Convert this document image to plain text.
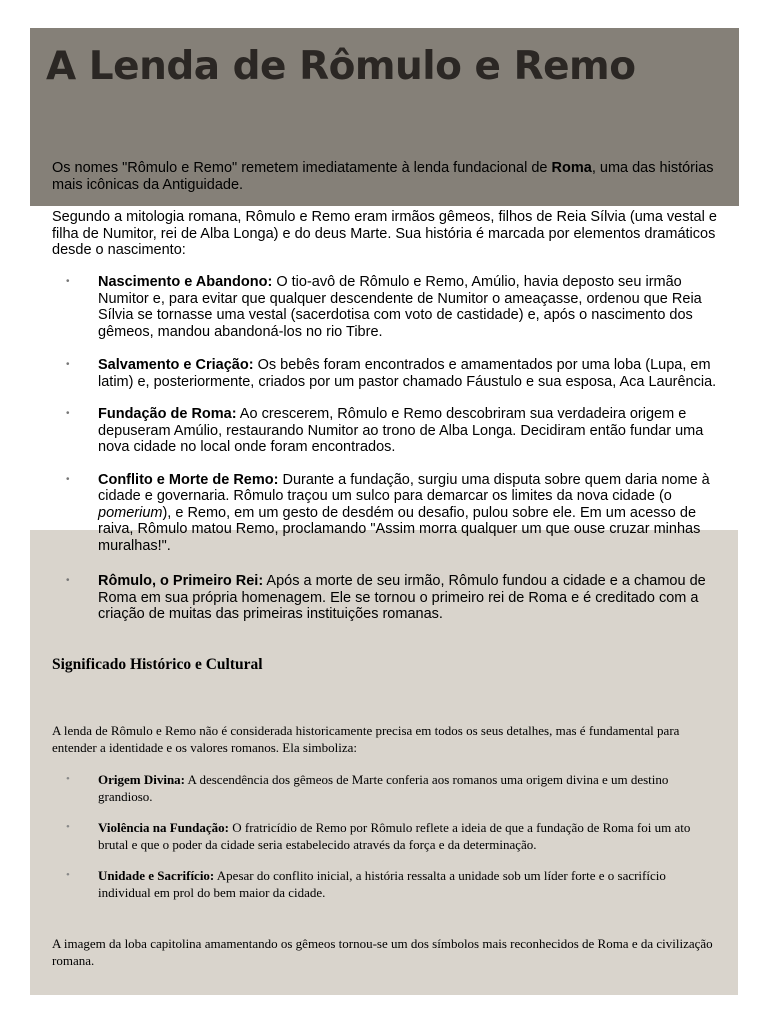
A Lenda de Rômulo e Remo

Os nomes "Rômulo e Remo" remetem imediatamente à lenda fundacional de Roma, uma das histórias mais icônicas da Antiguidade.

Segundo a mitologia romana, Rômulo e Remo eram irmãos gêmeos, filhos de Reia Sílvia (uma vestal e filha de Numitor, rei de Alba Longa) e do deus Marte. Sua história é marcada por elementos dramáticos desde o nascimento:

• Nascimento e Abandono: O tio-avô de Rômulo e Remo, Amúlio, havia deposto seu irmão Numitor e, para evitar que qualquer descendente de Numitor o ameaçasse, ordenou que Reia Sílvia se tornasse uma vestal (sacerdotisa com voto de castidade) e, após o nascimento dos gêmeos, mandou abandoná-los no rio Tibre.
• Salvamento e Criação: Os bebês foram encontrados e amamentados por uma loba (Lupa, em latim) e, posteriormente, criados por um pastor chamado Fáustulo e sua esposa, Aca Laurência.
• Fundação de Roma: Ao crescerem, Rômulo e Remo descobriram sua verdadeira origem e depuseram Amúlio, restaurando Numitor ao trono de Alba Longa. Decidiram então fundar uma nova cidade no local onde foram encontrados.
• Conflito e Morte de Remo: Durante a fundação, surgiu uma disputa sobre quem daria nome à cidade e governaria. Rômulo traçou um sulco para demarcar os limites da nova cidade (o pomerium), e Remo, em um gesto de desdém ou desafio, pulou sobre ele. Em um acesso de raiva, Rômulo matou Remo, proclamando "Assim morra qualquer um que ouse cruzar minhas muralhas!".
• Rômulo, o Primeiro Rei: Após a morte de seu irmão, Rômulo fundou a cidade e a chamou de Roma em sua própria homenagem. Ele se tornou o primeiro rei de Roma e é creditado com a criação de muitas das primeiras instituições romanas.
Significado Histórico e Cultural

A lenda de Rômulo e Remo não é considerada historicamente precisa em todos os seus detalhes, mas é fundamental para entender a identidade e os valores romanos. Ela simboliza:

• Origem Divina: A descendência dos gêmeos de Marte conferia aos romanos uma origem divina e um destino grandioso.
• Violência na Fundação: O fratricídio de Remo por Rômulo reflete a ideia de que a fundação de Roma foi um ato brutal e que o poder da cidade seria estabelecido através da força e da determinação.
• Unidade e Sacrifício: Apesar do conflito inicial, a história ressalta a unidade sob um líder forte e o sacrifício individual em prol do bem maior da cidade.

A imagem da loba capitolina amamentando os gêmeos tornou-se um dos símbolos mais reconhecidos de Roma e da civilização romana.
